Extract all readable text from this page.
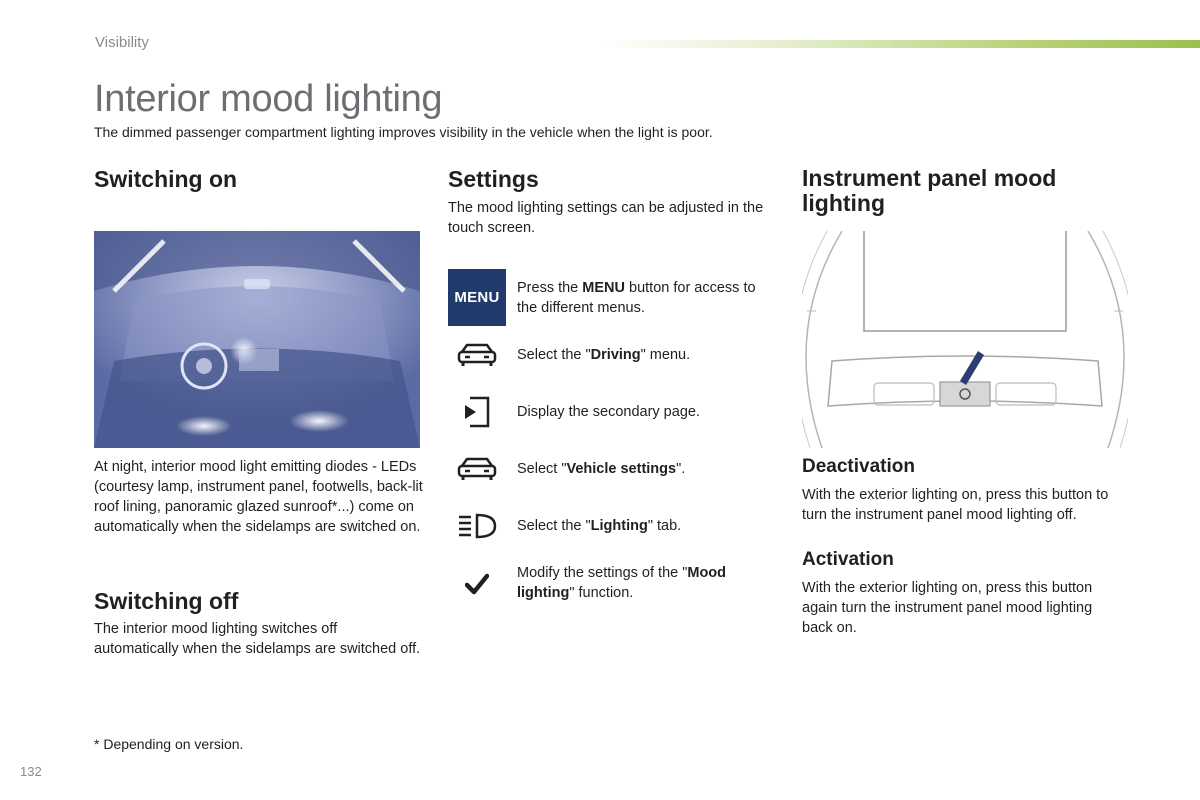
Visibility
Interior mood lighting
The dimmed passenger compartment lighting improves visibility in the vehicle when the light is poor.
Switching on
At night, interior mood light emitting diodes - LEDs (courtesy lamp, instrument panel, footwells, back-lit roof lining, panoramic glazed sunroof*...) come on automatically when the sidelamps are switched on.
Switching off
The interior mood lighting switches off automatically when the sidelamps are switched off.
Settings
The mood lighting settings can be adjusted in the touch screen.
MENU
Press the MENU button for access to the different menus.
Select the "Driving" menu.
Display the secondary page.
Select "Vehicle settings".
Select the "Lighting" tab.
Modify the settings of the "Mood lighting" function.
Instrument panel mood lighting
Deactivation
With the exterior lighting on, press this button to turn the instrument panel mood lighting off.
Activation
With the exterior lighting on, press this button again turn the instrument panel mood lighting back on.
* Depending on version.
132
